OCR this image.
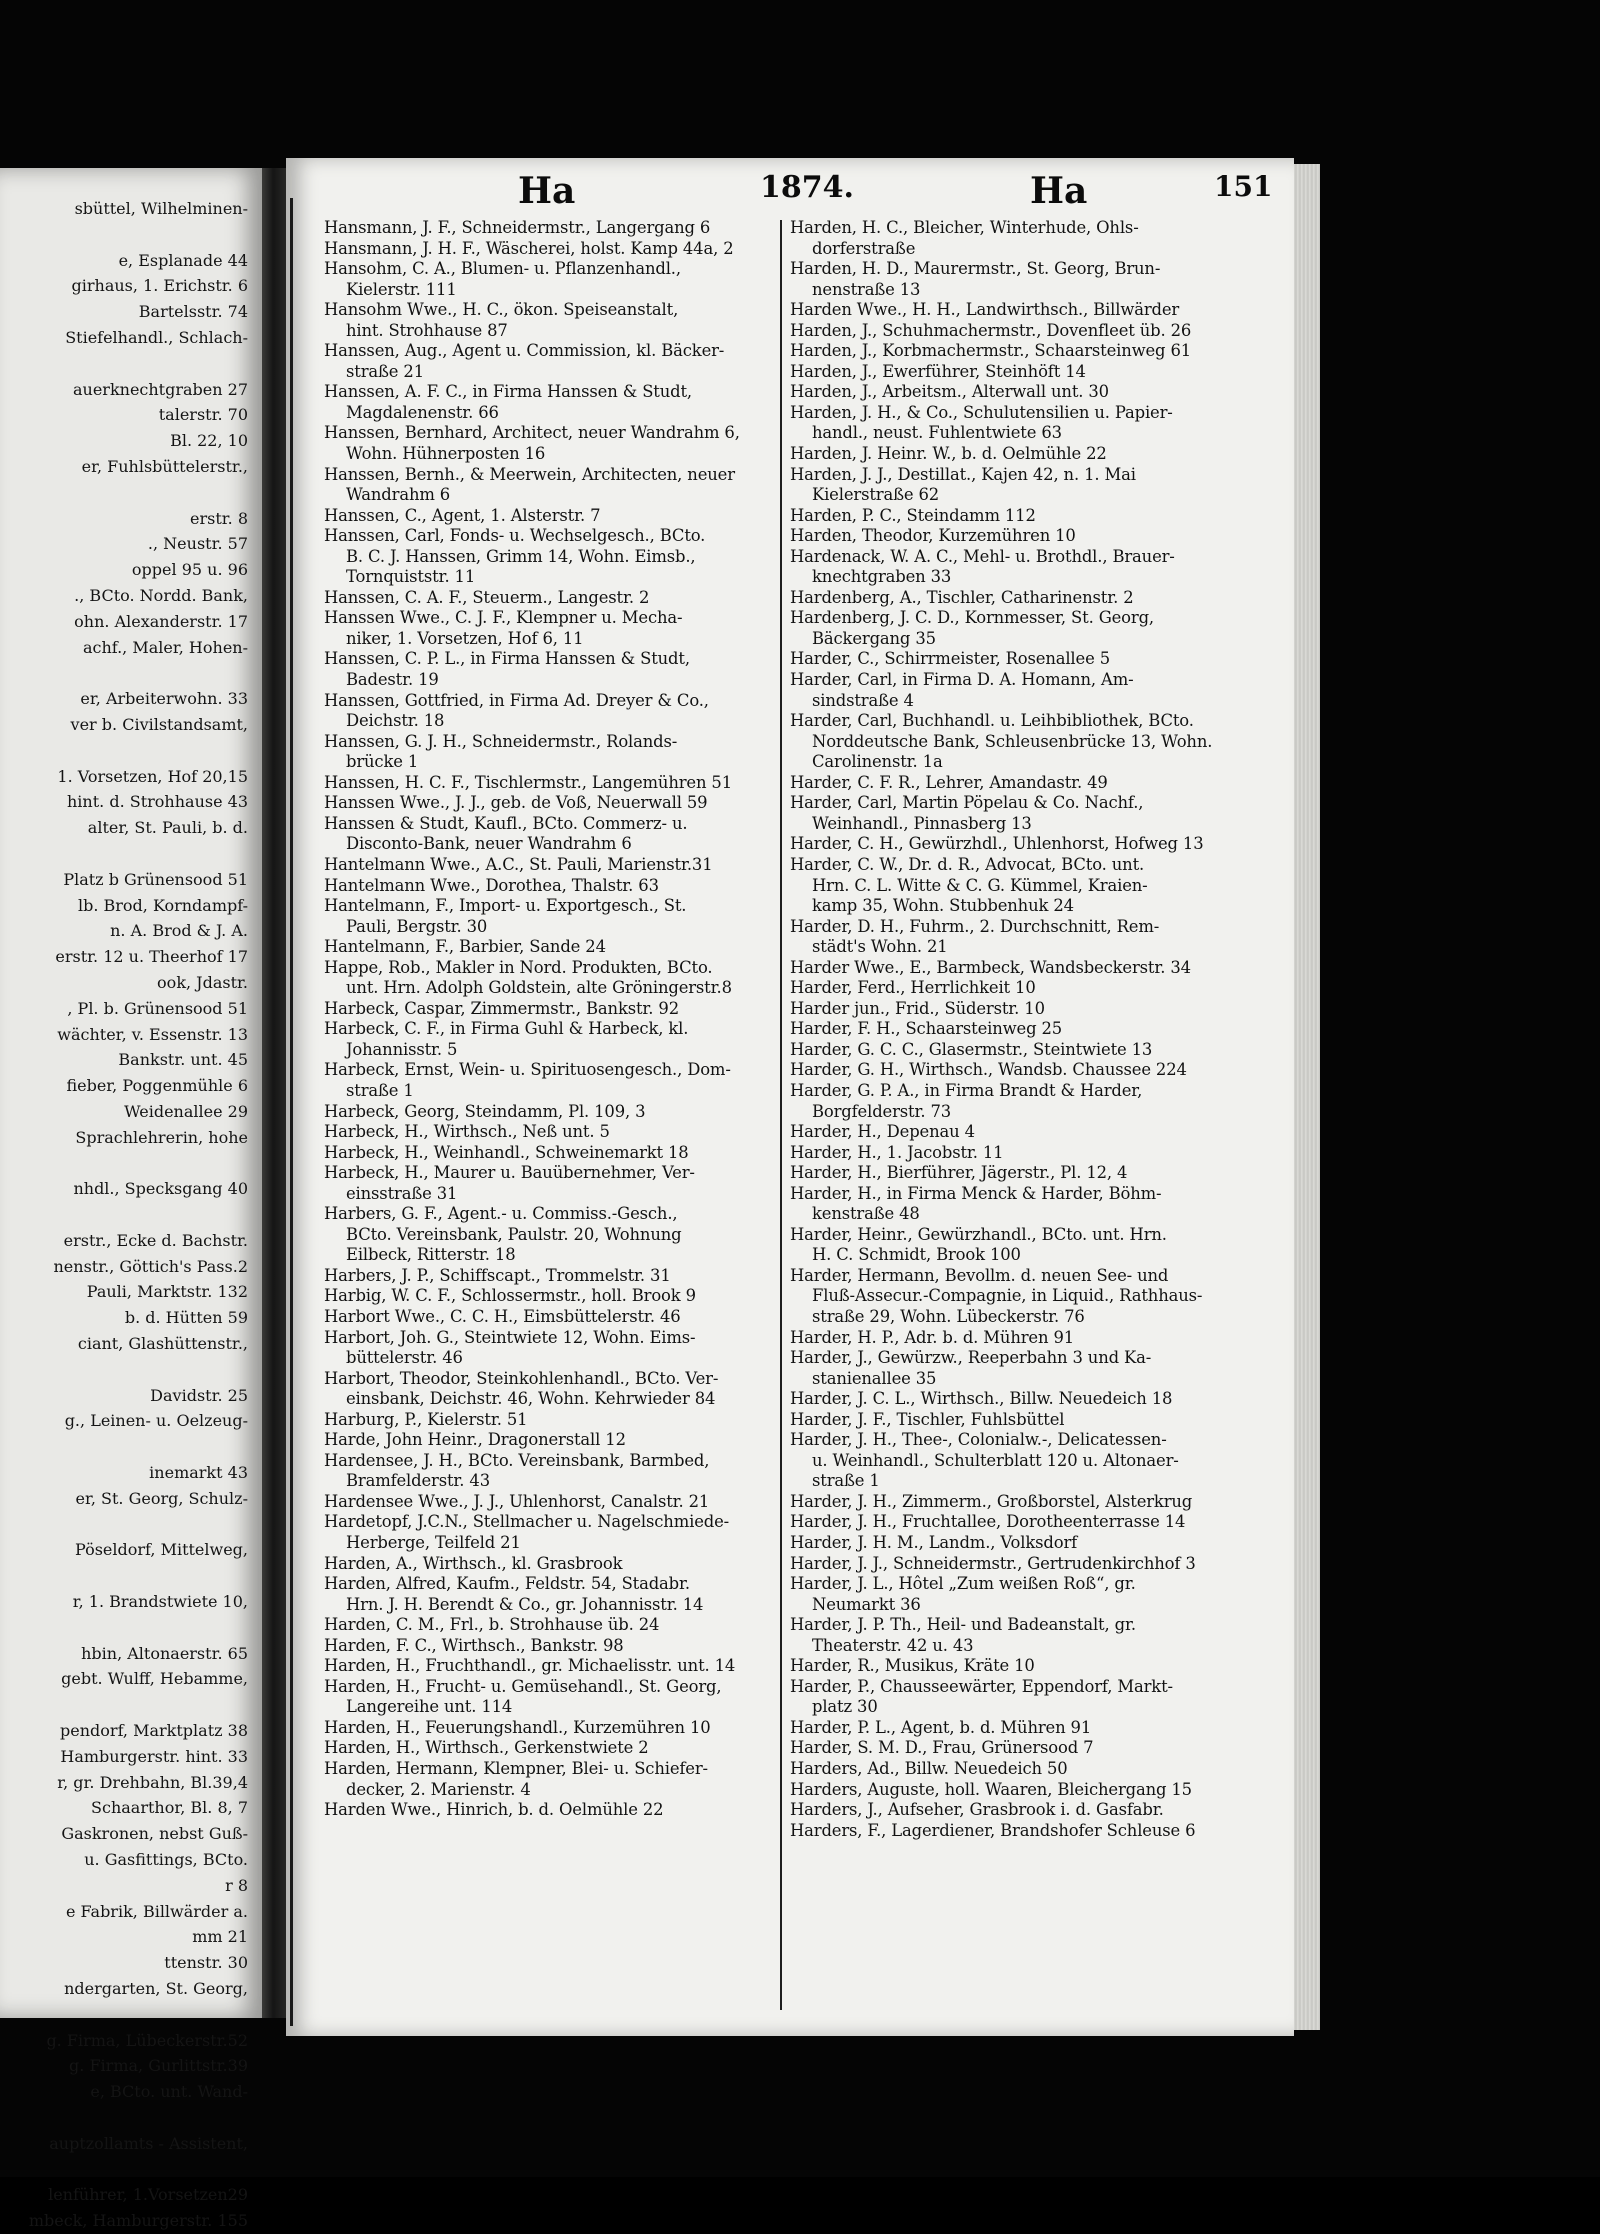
sbüttel, Wilhelminen-

e, Esplanade 44
girhaus, 1. Erichstr. 6
Bartelsstr. 74
Stiefelhandl., Schlach-

auerknechtgraben 27
talerstr. 70
Bl. 22, 10
er, Fuhlsbüttelerstr.,

erstr. 8
., Neustr. 57
oppel 95 u. 96
., BCto. Nordd. Bank,
ohn. Alexanderstr. 17
achf., Maler, Hohen-

er, Arbeiterwohn. 33
ver b. Civilstandsamt,

1. Vorsetzen, Hof 20,15
hint. d. Strohhause 43
alter, St. Pauli, b. d.

Platz b Grünensood 51
lb. Brod, Korndampf-
n. A. Brod & J. A.
erstr. 12 u. Theerhof 17
ook, Jdastr.
, Pl. b. Grünensood 51
wächter, v. Essenstr. 13
Bankstr. unt. 45
fieber, Poggenmühle 6
Weidenallee 29
Sprachlehrerin, hohe

nhdl., Specksgang 40

erstr., Ecke d. Bachstr.
nenstr., Göttich's Pass.2
Pauli, Marktstr. 132
b. d. Hütten 59
ciant, Glashüttenstr.,

Davidstr. 25
g., Leinen- u. Oelzeug-

inemarkt 43
er, St. Georg, Schulz-

Pöseldorf, Mittelweg,

r, 1. Brandstwiete 10,

hbin, Altonaerstr. 65
gebt. Wulff, Hebamme,

pendorf, Marktplatz 38
Hamburgerstr. hint. 33
r, gr. Drehbahn, Bl.39,4
Schaarthor, Bl. 8, 7
Gaskronen, nebst Guß-
u. Gasfittings, BCto.
r 8
e Fabrik, Billwärder a.
mm 21
ttenstr. 30
ndergarten, St. Georg,

g. Firma, Lübeckerstr.52
g. Firma, Gurlittstr.39
e, BCto. unt. Wand-

auptzollamts - Assistent,

lenführer, 1.Vorsetzen29
mbeck, Hamburgerstr. 155
Ha	1874.	Ha	151
Hansmann, J. F., Schneidermstr., Langergang 6
Hansmann, J. H. F., Wäscherei, holst. Kamp 44a, 2
Hansohm, C. A., Blumen- u. Pflanzenhandl.,
Kielerstr. 111
Hansohm Wwe., H. C., ökon. Speiseanstalt,
hint. Strohhause 87
Hanssen, Aug., Agent u. Commission, kl. Bäcker-
straße 21
Hanssen, A. F. C., in Firma Hanssen & Studt,
Magdalenenstr. 66
Hanssen, Bernhard, Architect, neuer Wandrahm 6,
Wohn. Hühnerposten 16
Hanssen, Bernh., & Meerwein, Architecten, neuer
Wandrahm 6
Hanssen, C., Agent, 1. Alsterstr. 7
Hanssen, Carl, Fonds- u. Wechselgesch., BCto.
B. C. J. Hanssen, Grimm 14, Wohn. Eimsb.,
Tornquiststr. 11
Hanssen, C. A. F., Steuerm., Langestr. 2
Hanssen Wwe., C. J. F., Klempner u. Mecha-
niker, 1. Vorsetzen, Hof 6, 11
Hanssen, C. P. L., in Firma Hanssen & Studt,
Badestr. 19
Hanssen, Gottfried, in Firma Ad. Dreyer & Co.,
Deichstr. 18
Hanssen, G. J. H., Schneidermstr., Rolands-
brücke 1
Hanssen, H. C. F., Tischlermstr., Langemühren 51
Hanssen Wwe., J. J., geb. de Voß, Neuerwall 59
Hanssen & Studt, Kaufl., BCto. Commerz- u.
Disconto-Bank, neuer Wandrahm 6
Hantelmann Wwe., A.C., St. Pauli, Marienstr.31
Hantelmann Wwe., Dorothea, Thalstr. 63
Hantelmann, F., Import- u. Exportgesch., St.
Pauli, Bergstr. 30
Hantelmann, F., Barbier, Sande 24
Happe, Rob., Makler in Nord. Produkten, BCto.
unt. Hrn. Adolph Goldstein, alte Gröningerstr.8
Harbeck, Caspar, Zimmermstr., Bankstr. 92
Harbeck, C. F., in Firma Guhl & Harbeck, kl.
Johannisstr. 5
Harbeck, Ernst, Wein- u. Spirituosengesch., Dom-
straße 1
Harbeck, Georg, Steindamm, Pl. 109, 3
Harbeck, H., Wirthsch., Neß unt. 5
Harbeck, H., Weinhandl., Schweinemarkt 18
Harbeck, H., Maurer u. Bauübernehmer, Ver-
einsstraße 31
Harbers, G. F., Agent.- u. Commiss.-Gesch.,
BCto. Vereinsbank, Paulstr. 20, Wohnung
Eilbeck, Ritterstr. 18
Harbers, J. P., Schiffscapt., Trommelstr. 31
Harbig, W. C. F., Schlossermstr., holl. Brook 9
Harbort Wwe., C. C. H., Eimsbüttelerstr. 46
Harbort, Joh. G., Steintwiete 12, Wohn. Eims-
büttelerstr. 46
Harbort, Theodor, Steinkohlenhandl., BCto. Ver-
einsbank, Deichstr. 46, Wohn. Kehrwieder 84
Harburg, P., Kielerstr. 51
Harde, John Heinr., Dragonerstall 12
Hardensee, J. H., BCto. Vereinsbank, Barmbed,
Bramfelderstr. 43
Hardensee Wwe., J. J., Uhlenhorst, Canalstr. 21
Hardetopf, J.C.N., Stellmacher u. Nagelschmiede-
Herberge, Teilfeld 21
Harden, A., Wirthsch., kl. Grasbrook
Harden, Alfred, Kaufm., Feldstr. 54, Stadabr.
Hrn. J. H. Berendt & Co., gr. Johannisstr. 14
Harden, C. M., Frl., b. Strohhause üb. 24
Harden, F. C., Wirthsch., Bankstr. 98
Harden, H., Fruchthandl., gr. Michaelisstr. unt. 14
Harden, H., Frucht- u. Gemüsehandl., St. Georg,
Langereihe unt. 114
Harden, H., Feuerungshandl., Kurzemühren 10
Harden, H., Wirthsch., Gerkenstwiete 2
Harden, Hermann, Klempner, Blei- u. Schiefer-
decker, 2. Marienstr. 4
Harden Wwe., Hinrich, b. d. Oelmühle 22
Harden, H. C., Bleicher, Winterhude, Ohls-
dorferstraße
Harden, H. D., Maurermstr., St. Georg, Brun-
nenstraße 13
Harden Wwe., H. H., Landwirthsch., Billwärder
Harden, J., Schuhmachermstr., Dovenfleet üb. 26
Harden, J., Korbmachermstr., Schaarsteinweg 61
Harden, J., Ewerführer, Steinhöft 14
Harden, J., Arbeitsm., Alterwall unt. 30
Harden, J. H., & Co., Schulutensilien u. Papier-
handl., neust. Fuhlentwiete 63
Harden, J. Heinr. W., b. d. Oelmühle 22
Harden, J. J., Destillat., Kajen 42, n. 1. Mai
Kielerstraße 62
Harden, P. C., Steindamm 112
Harden, Theodor, Kurzemühren 10
Hardenack, W. A. C., Mehl- u. Brothdl., Brauer-
knechtgraben 33
Hardenberg, A., Tischler, Catharinenstr. 2
Hardenberg, J. C. D., Kornmesser, St. Georg,
Bäckergang 35
Harder, C., Schirrmeister, Rosenallee 5
Harder, Carl, in Firma D. A. Homann, Am-
sindstraße 4
Harder, Carl, Buchhandl. u. Leihbibliothek, BCto.
Norddeutsche Bank, Schleusenbrücke 13, Wohn.
Carolinenstr. 1a
Harder, C. F. R., Lehrer, Amandastr. 49
Harder, Carl, Martin Pöpelau & Co. Nachf.,
Weinhandl., Pinnasberg 13
Harder, C. H., Gewürzhdl., Uhlenhorst, Hofweg 13
Harder, C. W., Dr. d. R., Advocat, BCto. unt.
Hrn. C. L. Witte & C. G. Kümmel, Kraien-
kamp 35, Wohn. Stubbenhuk 24
Harder, D. H., Fuhrm., 2. Durchschnitt, Rem-
städt's Wohn. 21
Harder Wwe., E., Barmbeck, Wandsbeckerstr. 34
Harder, Ferd., Herrlichkeit 10
Harder jun., Frid., Süderstr. 10
Harder, F. H., Schaarsteinweg 25
Harder, G. C. C., Glasermstr., Steintwiete 13
Harder, G. H., Wirthsch., Wandsb. Chaussee 224
Harder, G. P. A., in Firma Brandt & Harder,
Borgfelderstr. 73
Harder, H., Depenau 4
Harder, H., 1. Jacobstr. 11
Harder, H., Bierführer, Jägerstr., Pl. 12, 4
Harder, H., in Firma Menck & Harder, Böhm-
kenstraße 48
Harder, Heinr., Gewürzhandl., BCto. unt. Hrn.
H. C. Schmidt, Brook 100
Harder, Hermann, Bevollm. d. neuen See- und
Fluß-Assecur.-Compagnie, in Liquid., Rathhaus-
straße 29, Wohn. Lübeckerstr. 76
Harder, H. P., Adr. b. d. Mühren 91
Harder, J., Gewürzw., Reeperbahn 3 und Ka-
stanienallee 35
Harder, J. C. L., Wirthsch., Billw. Neuedeich 18
Harder, J. F., Tischler, Fuhlsbüttel
Harder, J. H., Thee-, Colonialw.-, Delicatessen-
u. Weinhandl., Schulterblatt 120 u. Altonaer-
straße 1
Harder, J. H., Zimmerm., Großborstel, Alsterkrug
Harder, J. H., Fruchtallee, Dorotheenterrasse 14
Harder, J. H. M., Landm., Volksdorf
Harder, J. J., Schneidermstr., Gertrudenkirchhof 3
Harder, J. L., Hôtel „Zum weißen Roß“, gr.
Neumarkt 36
Harder, J. P. Th., Heil- und Badeanstalt, gr.
Theaterstr. 42 u. 43
Harder, R., Musikus, Kräte 10
Harder, P., Chausseewärter, Eppendorf, Markt-
platz 30
Harder, P. L., Agent, b. d. Mühren 91
Harder, S. M. D., Frau, Grünersood 7
Harders, Ad., Billw. Neuedeich 50
Harders, Auguste, holl. Waaren, Bleichergang 15
Harders, J., Aufseher, Grasbrook i. d. Gasfabr.
Harders, F., Lagerdiener, Brandshofer Schleuse 6
